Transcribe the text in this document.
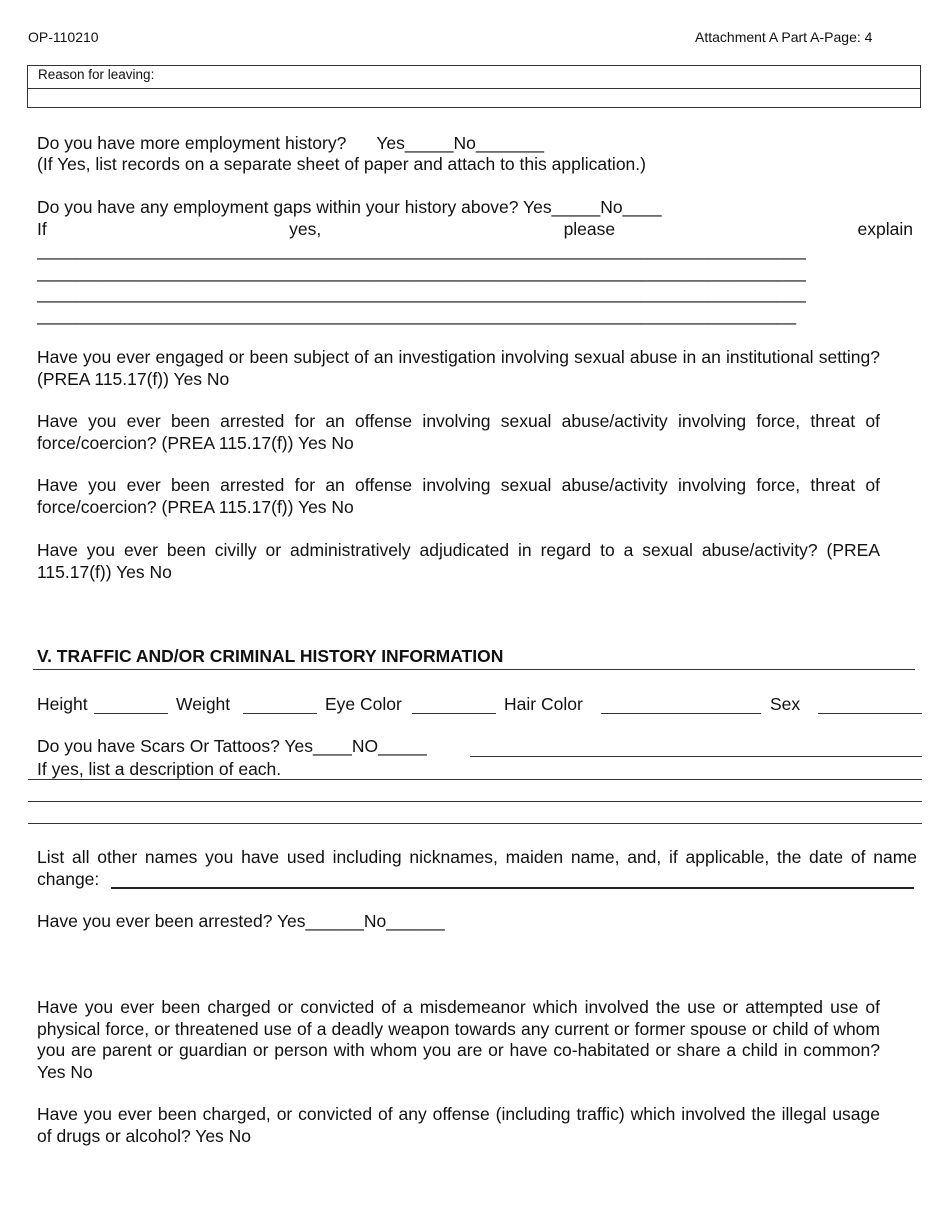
OP-110210	Attachment A Part A-Page: 4
Reason for leaving:
Do you have more employment history? Yes_____No_______
(If Yes, list records on a separate sheet of paper and attach to this application.)
Do you have any employment gaps within your history above? Yes_____No____
If	yes,	please	explain
_______________________________________________________________________________
_______________________________________________________________________________
_______________________________________________________________________________
______________________________________________________________________________
Have you ever engaged or been subject of an investigation involving sexual abuse in an institutional setting? (PREA 115.17(f)) Yes No
Have you ever been arrested for an offense involving sexual abuse/activity involving force, threat of force/coercion? (PREA 115.17(f)) Yes No
Have you ever been arrested for an offense involving sexual abuse/activity involving force, threat of force/coercion? (PREA 115.17(f)) Yes No
Have you ever been civilly or administratively adjudicated in regard to a sexual abuse/activity? (PREA 115.17(f)) Yes No
V. TRAFFIC AND/OR CRIMINAL HISTORY INFORMATION
Height	Weight	Eye Color	Hair Color	Sex
Do you have Scars Or Tattoos? Yes____NO_____
If yes, list a description of each.
List all other names you have used including nicknames, maiden name, and, if applicable, the date of name change:
Have you ever been arrested? Yes______No______
Have you ever been charged or convicted of a misdemeanor which involved the use or attempted use of physical force, or threatened use of a deadly weapon towards any current or former spouse or child of whom you are parent or guardian or person with whom you are or have co-habitated or share a child in common? Yes No
Have you ever been charged, or convicted of any offense (including traffic) which involved the illegal usage of drugs or alcohol? Yes No
